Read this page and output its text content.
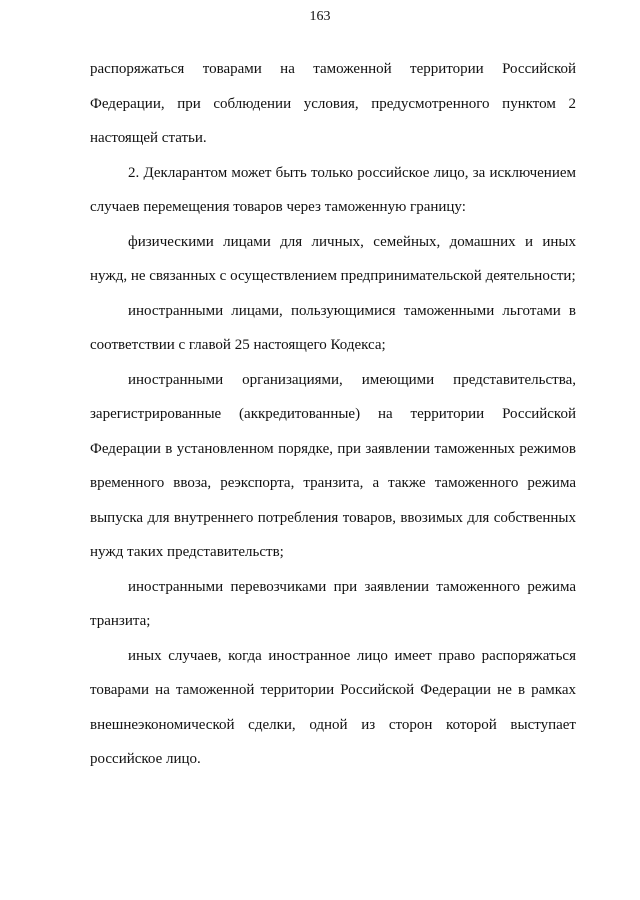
163

распоряжаться товарами на таможенной территории Российской Федерации, при соблюдении условия, предусмотренного пунктом 2 настоящей статьи.

2. Декларантом может быть только российское лицо, за исключением случаев перемещения товаров через таможенную границу:

физическими лицами для личных, семейных, домашних и иных нужд, не связанных с осуществлением предпринимательской деятельности;

иностранными лицами, пользующимися таможенными льготами в соответствии с главой 25 настоящего Кодекса;

иностранными организациями, имеющими представительства, зарегистрированные (аккредитованные) на территории Российской Федерации в установленном порядке, при заявлении таможенных режимов временного ввоза, реэкспорта, транзита, а также таможенного режима выпуска для внутреннего потребления товаров, ввозимых для собственных нужд таких представительств;

иностранными перевозчиками при заявлении таможенного режима транзита;

иных случаев, когда иностранное лицо имеет право распоряжаться товарами на таможенной территории Российской Федерации не в рамках внешнеэкономической сделки, одной из сторон которой выступает российское лицо.
